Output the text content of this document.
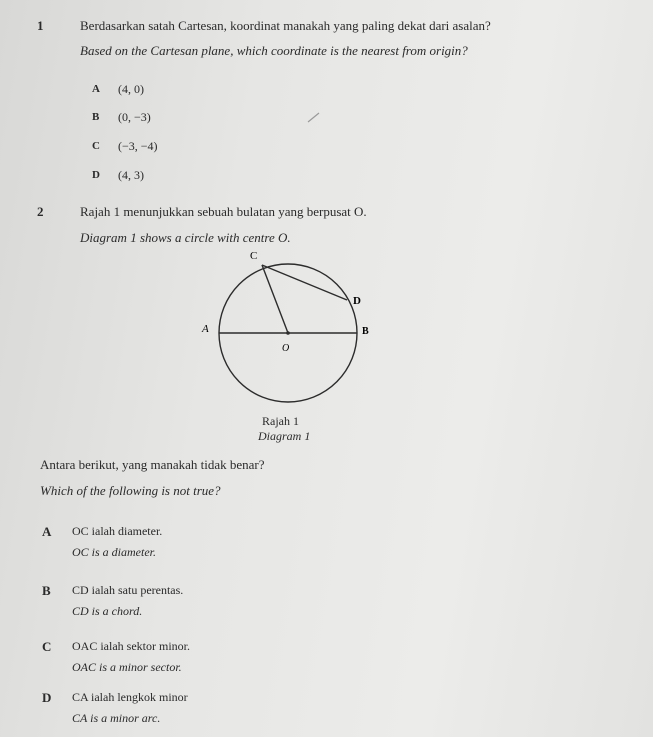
1	Berdasarkan satah Cartesan, koordinat manakah yang paling dekat dari asalan?
Based on the Cartesan plane, which coordinate is the nearest from origin?
A (4, 0)
B (0, −3)
C (−3, −4)
D (4, 3)
2	Rajah 1 menunjukkan sebuah bulatan yang berpusat O.
Diagram 1 shows a circle with centre O.
C
D
A	B
O
Rajah 1
Diagram 1
Antara berikut, yang manakah tidak benar?
Which of the following is not true?
A OC ialah diameter.
OC is a diameter.
B CD ialah satu perentas.
CD is a chord.
C OAC ialah sektor minor.
OAC is a minor sector.
D CA ialah lengkok minor
CA is a minor arc.
